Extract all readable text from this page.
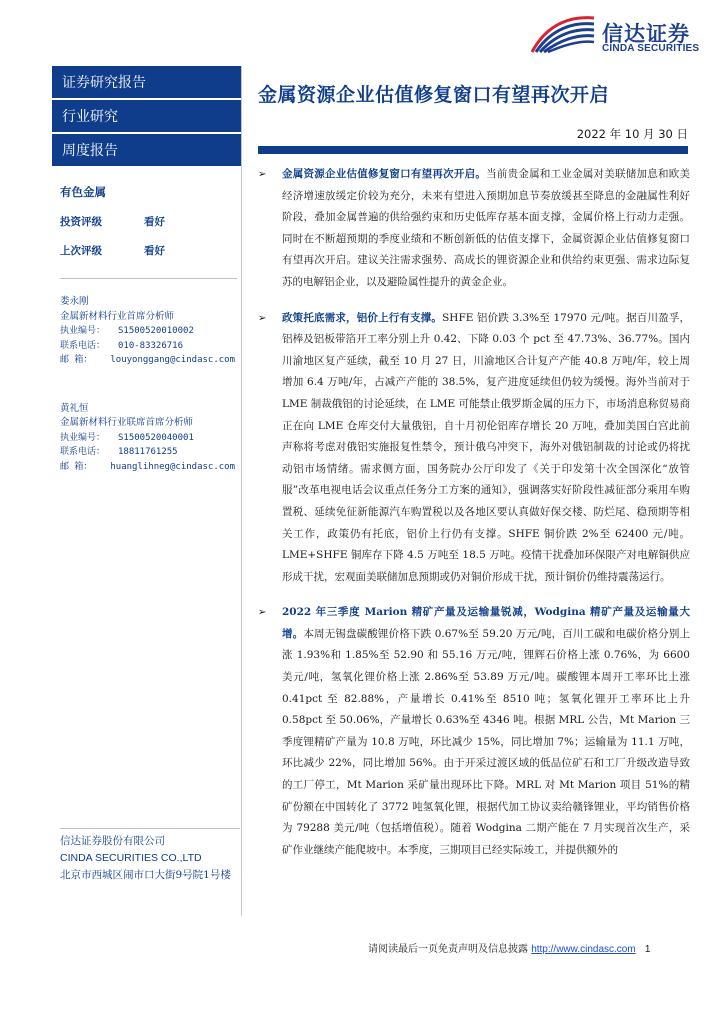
信达证券
CINDA SECURITIES
证券研究报告
行业研究
周度报告
有色金属
投资评级	看好
上次评级	看好
娄永刚
金属新材料行业首席分析师
执业编号：	S1500520010002
联系电话：	010-83326716
邮 箱：	louyonggang@cindasc.com
黄礼恒
金属新材料行业联席首席分析师
执业编号：	S1500520040001
联系电话：	18811761255
邮 箱：	huanglihneg@cindasc.com
信达证券股份有限公司
CINDA SECURITIES CO.,LTD
北京市西城区闹市口大街9号院1号楼
金属资源企业估值修复窗口有望再次开启
2022 年 10 月 30 日
➢ 金属资源企业估值修复窗口有望再次开启。当前贵金属和工业金属对美联储加息和欧美经济增速放缓定价较为充分，未来有望进入预期加息节奏放缓甚至降息的金融属性利好阶段，叠加金属普遍的供给强约束和历史低库存基本面支撑，金属价格上行动力走强。同时在不断超预期的季度业绩和不断创新低的估值支撑下，金属资源企业估值修复窗口有望再次开启。建议关注需求强势、高成长的锂资源企业和供给约束更强、需求边际复苏的电解铝企业，以及避险属性提升的黄金企业。
➢ 政策托底需求，铝价上行有支撑。SHFE 铝价跌 3.3%至 17970 元/吨。据百川盈孚，铝棒及铝板带箔开工率分别上升 0.42、下降 0.03 个 pct 至 47.73%、36.77%。国内川渝地区复产延续，截至 10 月 27 日，川渝地区合计复产产能 40.8 万吨/年，较上周增加 6.4 万吨/年，占减产产能的 38.5%，复产进度延续但仍较为缓慢。海外当前对于 LME 制裁俄铝的讨论延续，在 LME 可能禁止俄罗斯金属的压力下，市场消息称贸易商正在向 LME 仓库交付大量俄铝，自十月初伦铝库存增长 20 万吨，叠加美国白宫此前声称将考虑对俄铝实施报复性禁令，预计俄乌冲突下，海外对俄铝制裁的讨论或仍将扰动铝市场情绪。需求侧方面，国务院办公厅印发了《关于印发第十次全国深化“放管服”改革电视电话会议重点任务分工方案的通知》，强调落实好阶段性减征部分乘用车购置税、延续免征新能源汽车购置税以及各地区要认真做好保交楼、防烂尾、稳预期等相关工作，政策仍有托底，铝价上行仍有支撑。SHFE 铜价跌 2%至 62400 元/吨。LME+SHFE 铜库存下降 4.5 万吨至 18.5 万吨。疫情干扰叠加环保限产对电解铜供应形成干扰，宏观面美联储加息预期或仍对铜价形成干扰，预计铜价仍维持震荡运行。
➢ 2022 年三季度 Marion 精矿产量及运输量锐减，Wodgina 精矿产量及运输量大增。本周无锡盘碳酸锂价格下跌 0.67%至 59.20 万元/吨，百川工碳和电碳价格分别上涨 1.93%和 1.85%至 52.90 和 55.16 万元/吨，锂辉石价格上涨 0.76%，为 6600 美元/吨，氢氧化锂价格上涨 2.86%至 53.89 万元/吨。碳酸锂本周开工率环比上涨 0.41pct 至 82.88%，产量增长 0.41%至 8510 吨；氢氧化锂开工率环比上升 0.58pct 至 50.06%，产量增长 0.63%至 4346 吨。根据 MRL 公告，Mt Marion 三季度锂精矿产量为 10.8 万吨，环比减少 15%，同比增加 7%；运输量为 11.1 万吨，环比减少 22%，同比增加 56%。由于开采过渡区域的低品位矿石和工厂升级改造导致的工厂停工，Mt Marion 采矿量出现环比下降。MRL 对 Mt Marion 项目 51%的精矿份额在中国转化了 3772 吨氢氧化锂，根据代加工协议卖给赣锋锂业，平均销售价格为 79288 美元/吨（包括增值税）。随着 Wodgina 二期产能在 7 月实现首次生产，采矿作业继续产能爬坡中。本季度，三期项目已经实际竣工，并提供额外的
请阅读最后一页免责声明及信息披露 http://www.cindasc.com 1
